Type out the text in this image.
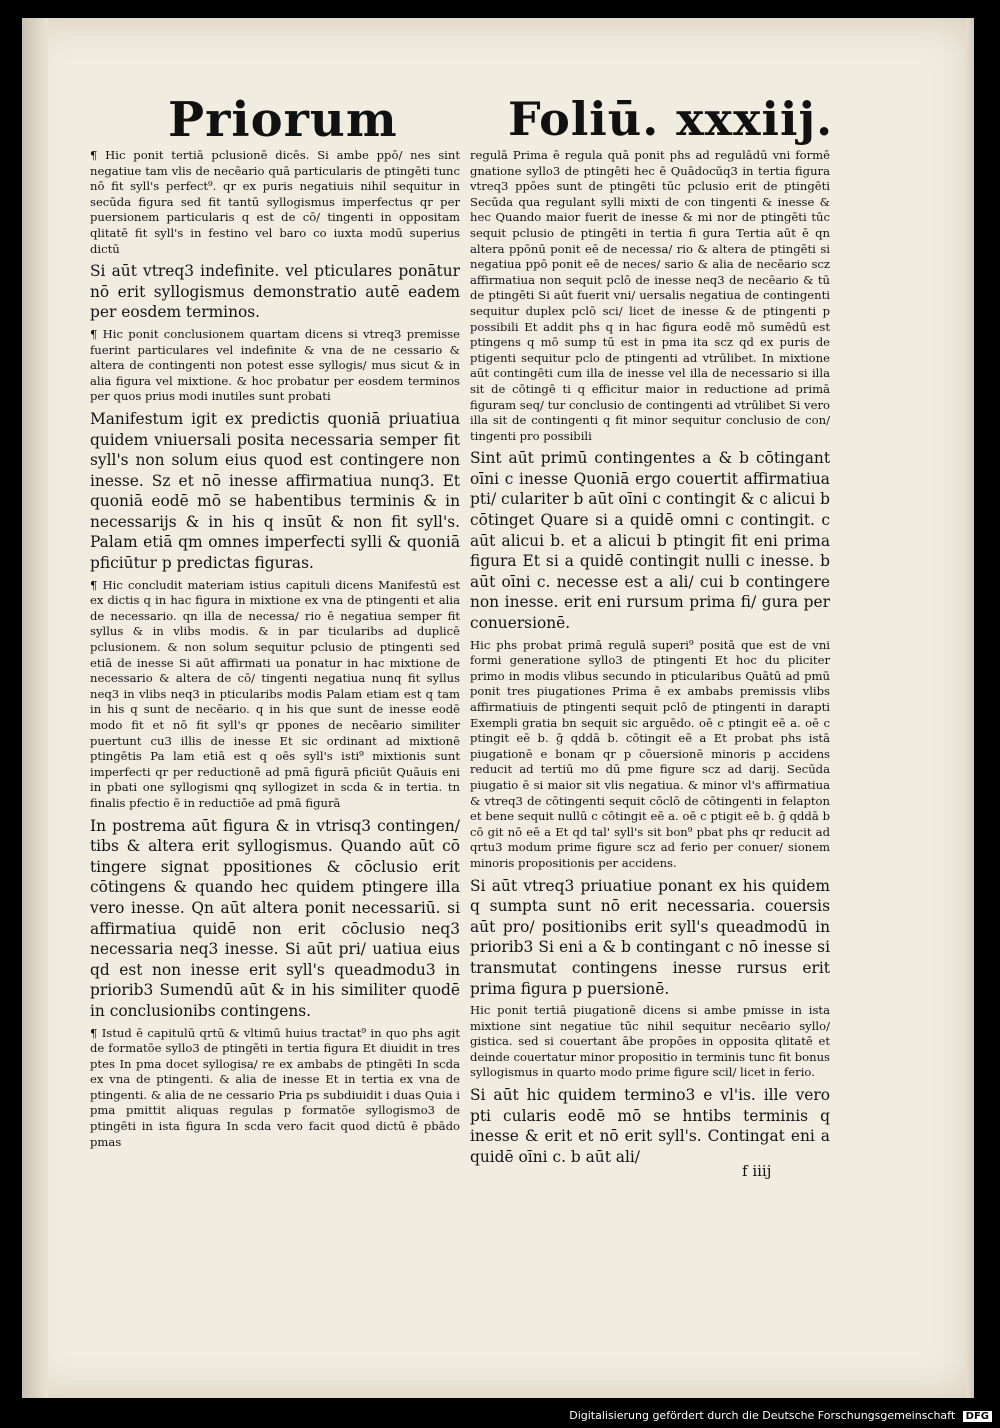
Priorum Foliū. xxxiij.

¶ Hic ponit tertiā pclusionē dicēs. Si ambe ppō/ nes sint negatiue tam vlis de necēario quā particularis de ptingēti tunc nō fit syll's perfect⁹. qr ex puris negatiuis nihil sequitur in secūda figura sed fit tantū syllogismus imperfectus qr per puersionem particularis q est de cō/ tingenti in oppositam qlitatē fit syll's in festino vel baro co iuxta modū superius dictū

Si aūt vtreq3 indefinite. vel pticulares ponātur nō erit syllogismus demonstratio autē eadem per eosdem terminos.

¶ Hic ponit conclusionem quartam dicens si vtreq3 premisse fuerint particulares vel indefinite & vna de ne cessario & altera de contingenti non potest esse syllogis/ mus sicut & in alia figura vel mixtione. & hoc probatur per eosdem terminos per quos prius modi inutiles sunt probati

Manifestum igit ex predictis quoniā priuatiua quidem vniuersali posita necessaria semper fit syll's non solum eius quod est contingere non inesse. Sz et nō inesse affirmatiua nunq3. Et quoniā eodē mō se habentibus terminis & in necessarijs & in his q insūt & non fit syll's. Palam etiā qm omnes imperfecti sylli & quoniā pficiūtur p predictas figuras.

¶ Hic concludit materiam istius capituli dicens Manifestū est ex dictis q in hac figura in mixtione ex vna de ptingenti et alia de necessario. qn illa de necessa/ rio ē negatiua semper fit syllus & in vlibs modis. & in par ticularibs ad duplicē pclusionem. & non solum sequitur pclusio de ptingenti sed etiā de inesse Si aūt affirmati ua ponatur in hac mixtione de necessario & altera de cō/ tingenti negatiua nunq fit syllus neq3 in vlibs neq3 in pticularibs modis Palam etiam est q tam in his q sunt de necēario. q in his que sunt de inesse eodē modo fit et nō fit syll's qr ppones de necēario similiter puertunt cu3 illis de inesse Et sic ordinant ad mixtionē ptingētis Pa lam etiā est q oēs syll's isti⁹ mixtionis sunt imperfecti qr per reductionē ad pmā figurā pficiūt Quāuis eni in pbati one syllogismi qnq syllogizet in scda & in tertia. tn finalis pfectio ē in reductiōe ad pmā figurā

In postrema aūt figura & in vtrisq3 contingen/ tibs & altera erit syllogismus. Quando aūt cō tingere signat ppositiones & cōclusio erit cōtingens & quando hec quidem ptingere illa vero inesse. Qn aūt altera ponit necessariū. si affirmatiua quidē non erit cōclusio neq3 necessaria neq3 inesse. Si aūt pri/ uatiua eius qd est non inesse erit syll's queadmodu3 in priorib3 Sumendū aūt & in his similiter quodē in conclusionibs contingens.

¶ Istud ē capitulū qrtū & vltimū huius tractat⁹ in quo phs agit de formatōe syllo3 de ptingēti in tertia figura Et diuidit in tres ptes In pma docet syllogisa/ re ex ambabs de ptingēti In scda ex vna de ptingenti. & alia de inesse Et in tertia ex vna de ptingenti. & alia de ne cessario Pria ps subdiuidit i duas Quia i pma pmittit aliquas regulas p formatōe syllogismo3 de ptingēti in ista figura In scda vero facit quod dictū ē pbādo pmas

regulā Prima ē regula quā ponit phs ad regulādū vni formē gnatione syllo3 de ptingēti hec ē Quādocūq3 in tertia figura vtreq3 ppōes sunt de ptingēti tūc pclusio erit de ptingēti Secūda qua regulant sylli mixti de con tingenti & inesse & hec Quando maior fuerit de inesse & mi nor de ptingēti tūc sequit pclusio de ptingēti in tertia fi gura Tertia aūt ē qn altera ppōnū ponit eē de necessa/ rio & altera de ptingēti si negatiua ppō ponit eē de neces/ sario & alia de necēario scz affirmatiua non sequit pclō de inesse neq3 de necēario & tū de ptingēti Si aūt fuerit vni/ uersalis negatiua de contingenti sequitur duplex pclō sci/ licet de inesse & de ptingenti p possibili Et addit phs q in hac figura eodē mō sumēdū est ptingens q mō sump tū est in pma ita scz qd ex puris de ptigenti sequitur pclo de ptingenti ad vtrūlibet. In mixtione aūt contingēti cum illa de inesse vel illa de necessario si illa sit de cōtingē ti q efficitur maior in reductione ad primā figuram seq/ tur conclusio de contingenti ad vtrūlibet Si vero illa sit de contingenti q fit minor sequitur conclusio de con/ tingenti pro possibili

Sint aūt primū contingentes a & b cōtingant oīni c inesse Quoniā ergo couertit affirmatiua pti/ culariter b aūt oīni c contingit & c alicui b cōtinget Quare si a quidē omni c contingit. c aūt alicui b. et a alicui b ptingit fit eni prima figura Et si a quidē contingit nulli c inesse. b aūt oīni c. necesse est a ali/ cui b contingere non inesse. erit eni rursum prima fi/ gura per conuersionē.

Hic phs probat primā regulā superi⁹ positā que est de vni formi generatione syllo3 de ptingenti Et hoc du pliciter primo in modis vlibus secundo in pticularibus Quātū ad pmū ponit tres piugationes Prima ē ex ambabs premissis vlibs affirmatiuis de ptingenti sequit pclō de ptingenti in darapti Exempli gratia bn sequit sic arguēdo. oē c ptingit eē a. oē c ptingit eē b. ḡ qddā b. cōtingit eē a Et probat phs istā piugationē e bonam qr p cōuersionē minoris p accidens reducit ad tertiū mo dū pme figure scz ad darij. Secūda piugatio ē si maior sit vlis negatiua. & minor vl's affirmatiua & vtreq3 de cōtingenti sequit cōclō de cōtingenti in felapton et bene sequit nullū c cōtingit eē a. oē c ptigit eē b. ḡ qddā b cō git nō eē a Et qd tal' syll's sit bon⁹ pbat phs qr reducit ad qrtu3 modum prime figure scz ad ferio per conuer/ sionem minoris propositionis per accidens.

Si aūt vtreq3 priuatiue ponant ex his quidem q sumpta sunt nō erit necessaria. couersis aūt pro/ positionibs erit syll's queadmodū in priorib3 Si eni a & b contingant c nō inesse si transmutat contingens inesse rursus erit prima figura p puersionē.

Hic ponit tertiā piugationē dicens si ambe pmisse in ista mixtione sint negatiue tūc nihil sequitur necēario syllo/ gistica. sed si couertant ābe propōes in opposita qlitatē et deinde couertatur minor propositio in terminis tunc fit bonus syllogismus in quarto modo prime figure scil/ licet in ferio.

Si aūt hic quidem termino3 e vl'is. ille vero pti cularis eodē mō se hntibs terminis q inesse & erit et nō erit syll's. Contingat eni a quidē oīni c. b aūt ali/

f iiij
Digitalisierung gefördert durch die Deutsche Forschungsgemeinschaft DFG
